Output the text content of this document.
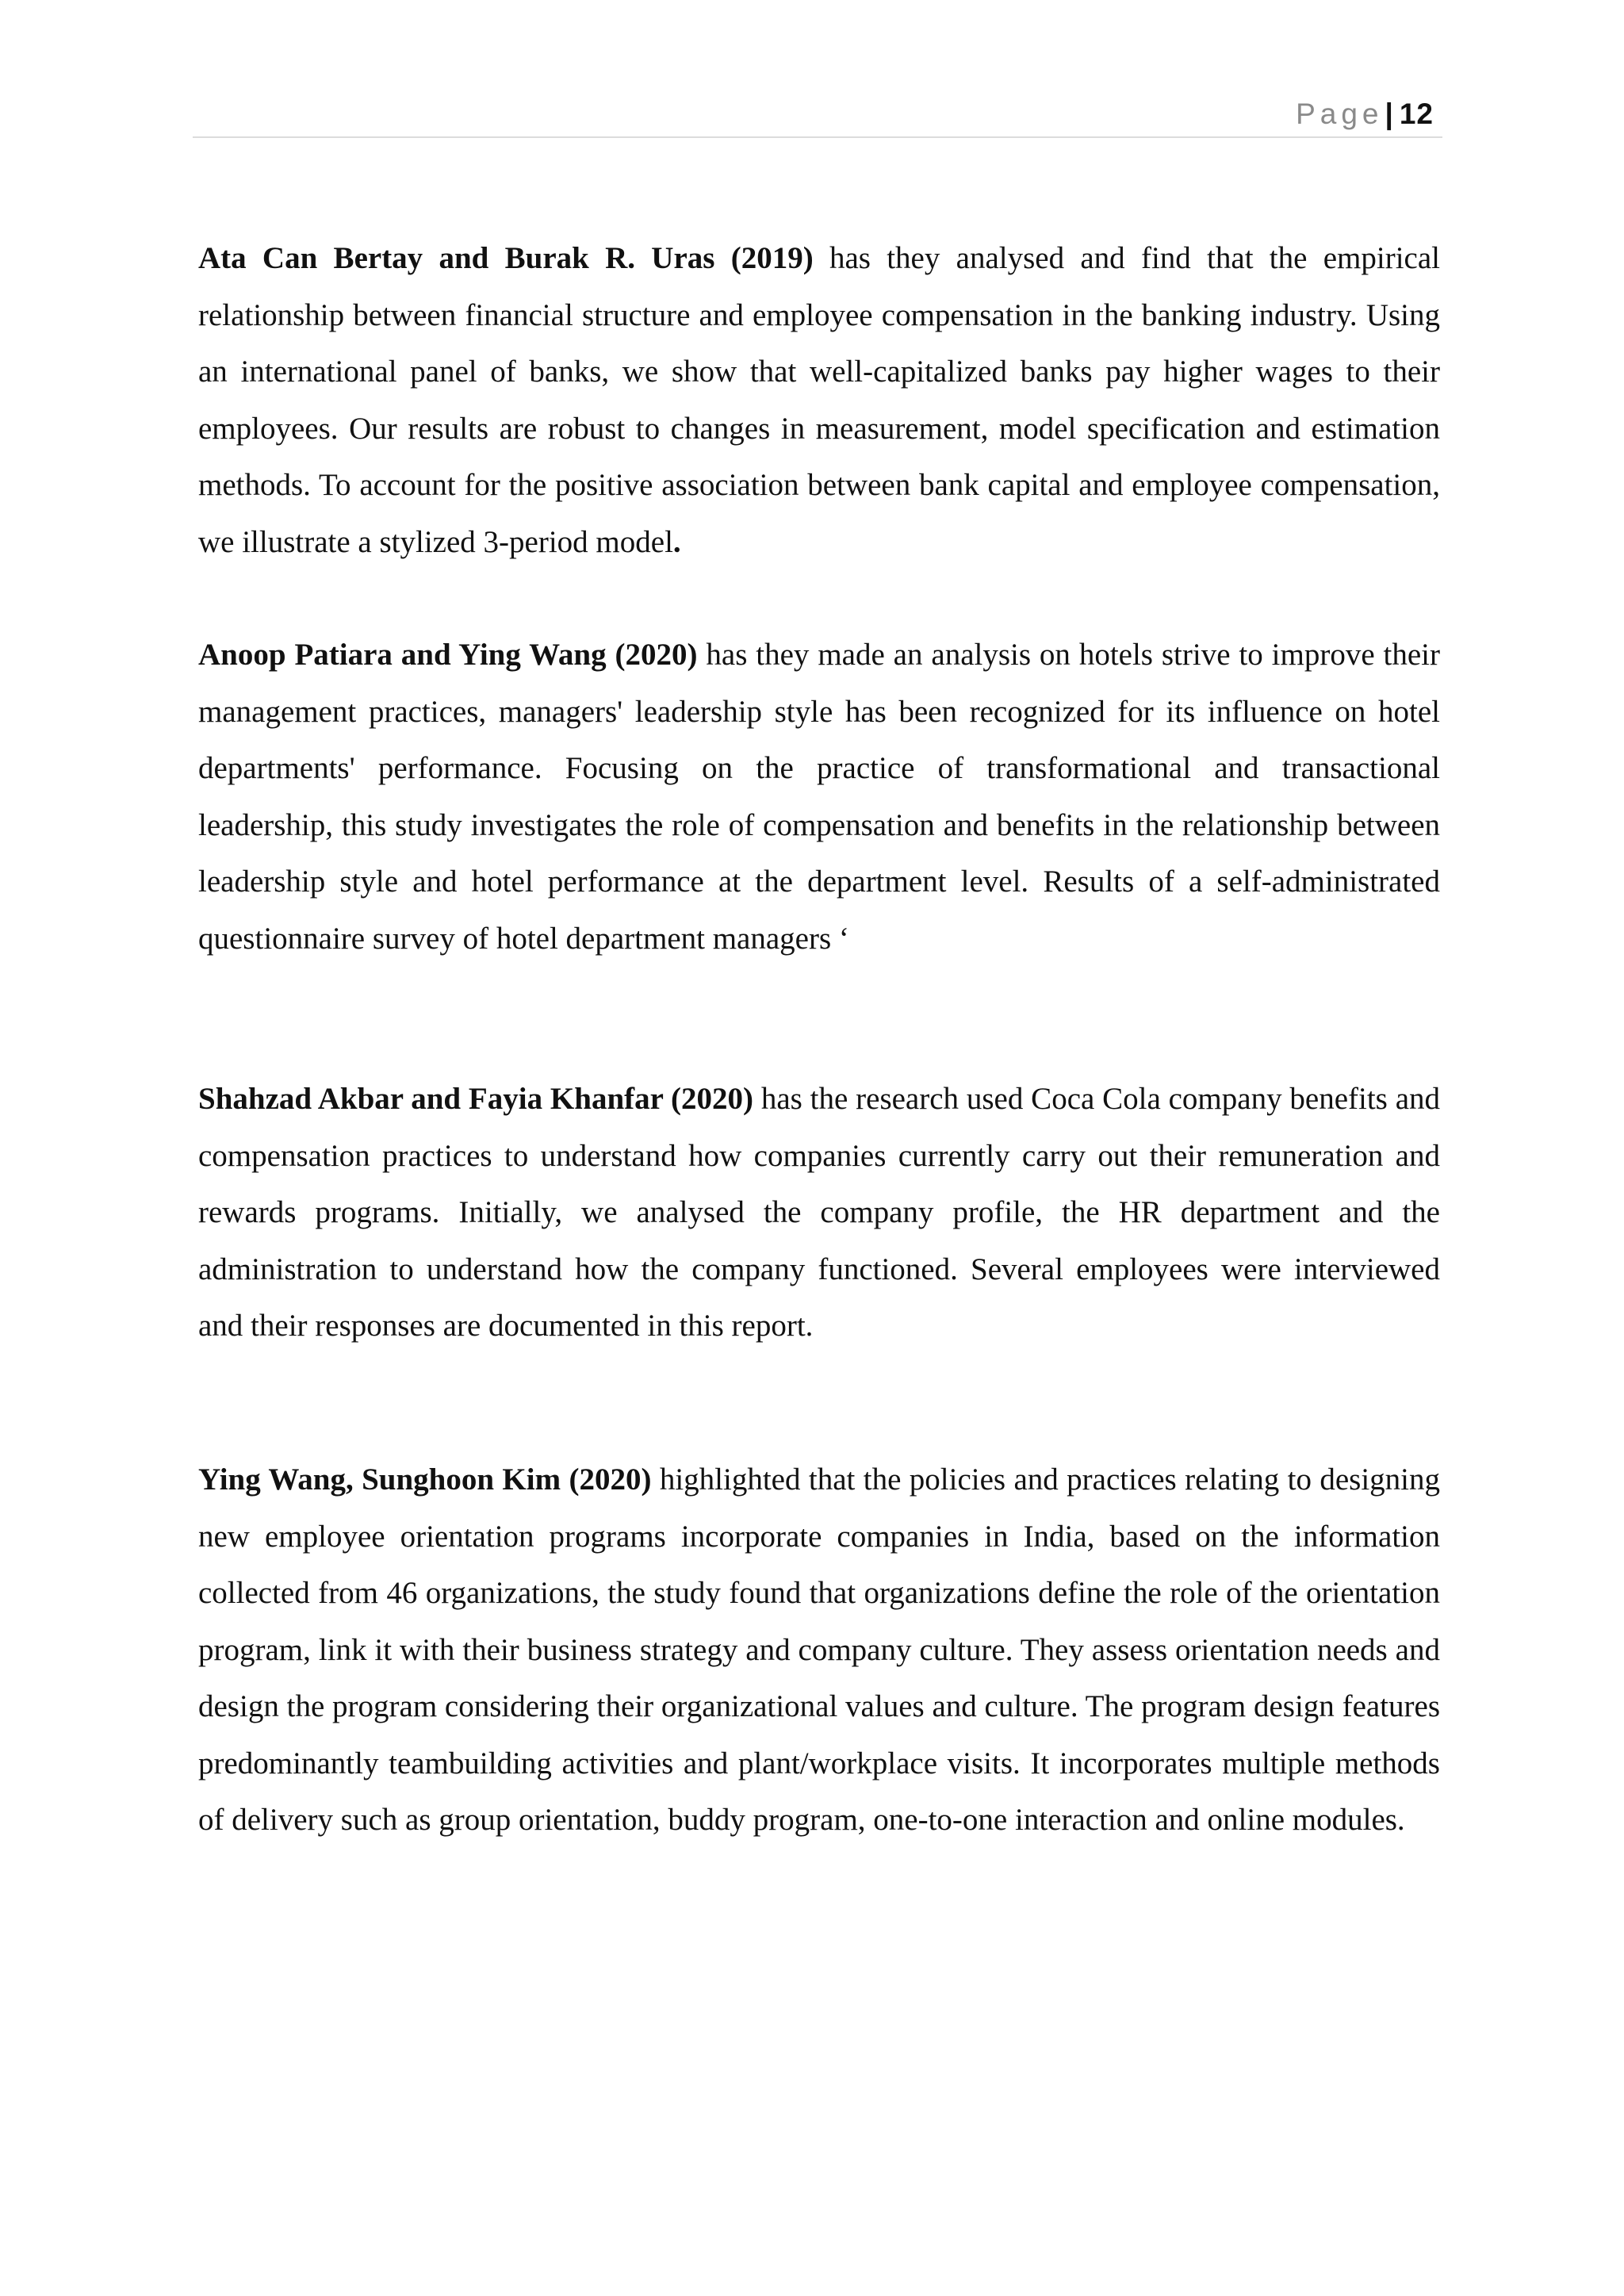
Page| 12

Ata Can Bertay and Burak R. Uras (2019) has they analysed and find that the empirical relationship between financial structure and employee compensation in the banking industry. Using an international panel of banks, we show that well-capitalized banks pay higher wages to their employees. Our results are robust to changes in measurement, model specification and estimation methods. To account for the positive association between bank capital and employee compensation, we illustrate a stylized 3-period model.

Anoop Patiara and Ying Wang (2020) has they made an analysis on hotels strive to improve their management practices, managers' leadership style has been recognized for its influence on hotel departments' performance. Focusing on the practice of transformational and transactional leadership, this study investigates the role of compensation and benefits in the relationship between leadership style and hotel performance at the department level. Results of a self-administrated questionnaire survey of hotel department managers ‘

Shahzad Akbar and Fayia Khanfar (2020) has the research used Coca Cola company benefits and compensation practices to understand how companies currently carry out their remuneration and rewards programs. Initially, we analysed the company profile, the HR department and the administration to understand how the company functioned. Several employees were interviewed and their responses are documented in this report.

Ying Wang, Sunghoon Kim (2020) highlighted that the policies and practices relating to designing new employee orientation programs incorporate companies in India, based on the information collected from 46 organizations, the study found that organizations define the role of the orientation program, link it with their business strategy and company culture. They assess orientation needs and design the program considering their organizational values and culture. The program design features predominantly teambuilding activities and plant/workplace visits. It incorporates multiple methods of delivery such as group orientation, buddy program, one-to-one interaction and online modules.
